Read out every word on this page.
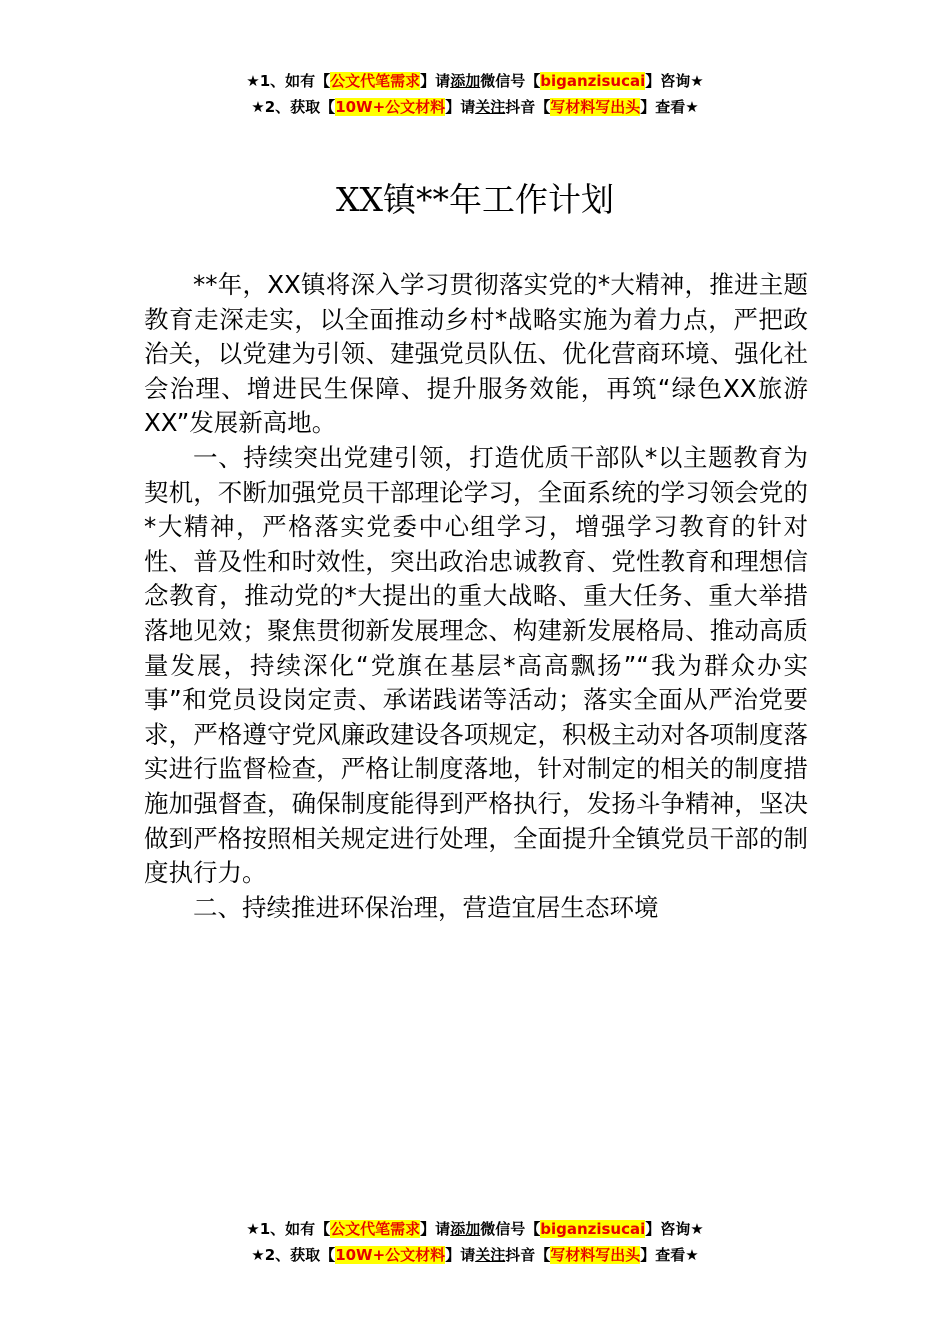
★1、如有【公文代笔需求】请添加微信号【biganzisucai】咨询★
★2、获取【10W+公文材料】请关注抖音【写材料写出头】查看★
XX镇**年工作计划

**年，XX镇将深入学习贯彻落实党的*大精神，推进主题教育走深走实，以全面推动乡村*战略实施为着力点，严把政治关，以党建为引领、建强党员队伍、优化营商环境、强化社会治理、增进民生保障、提升服务效能，再筑“绿色XX旅游XX”发展新高地。

一、持续突出党建引领，打造优质干部队*以主题教育为契机，不断加强党员干部理论学习，全面系统的学习领会党的*大精神，严格落实党委中心组学习，增强学习教育的针对性、普及性和时效性，突出政治忠诚教育、党性教育和理想信念教育，推动党的*大提出的重大战略、重大任务、重大举措落地见效；聚焦贯彻新发展理念、构建新发展格局、推动高质量发展，持续深化“党旗在基层*高高飘扬”“我为群众办实事”和党员设岗定责、承诺践诺等活动；落实全面从严治党要求，严格遵守党风廉政建设各项规定，积极主动对各项制度落实进行监督检查，严格让制度落地，针对制定的相关的制度措施加强督查，确保制度能得到严格执行，发扬斗争精神，坚决做到严格按照相关规定进行处理，全面提升全镇党员干部的制度执行力。

二、持续推进环保治理，营造宜居生态环境

★1、如有【公文代笔需求】请添加微信号【biganzisucai】咨询★
★2、获取【10W+公文材料】请关注抖音【写材料写出头】查看★
